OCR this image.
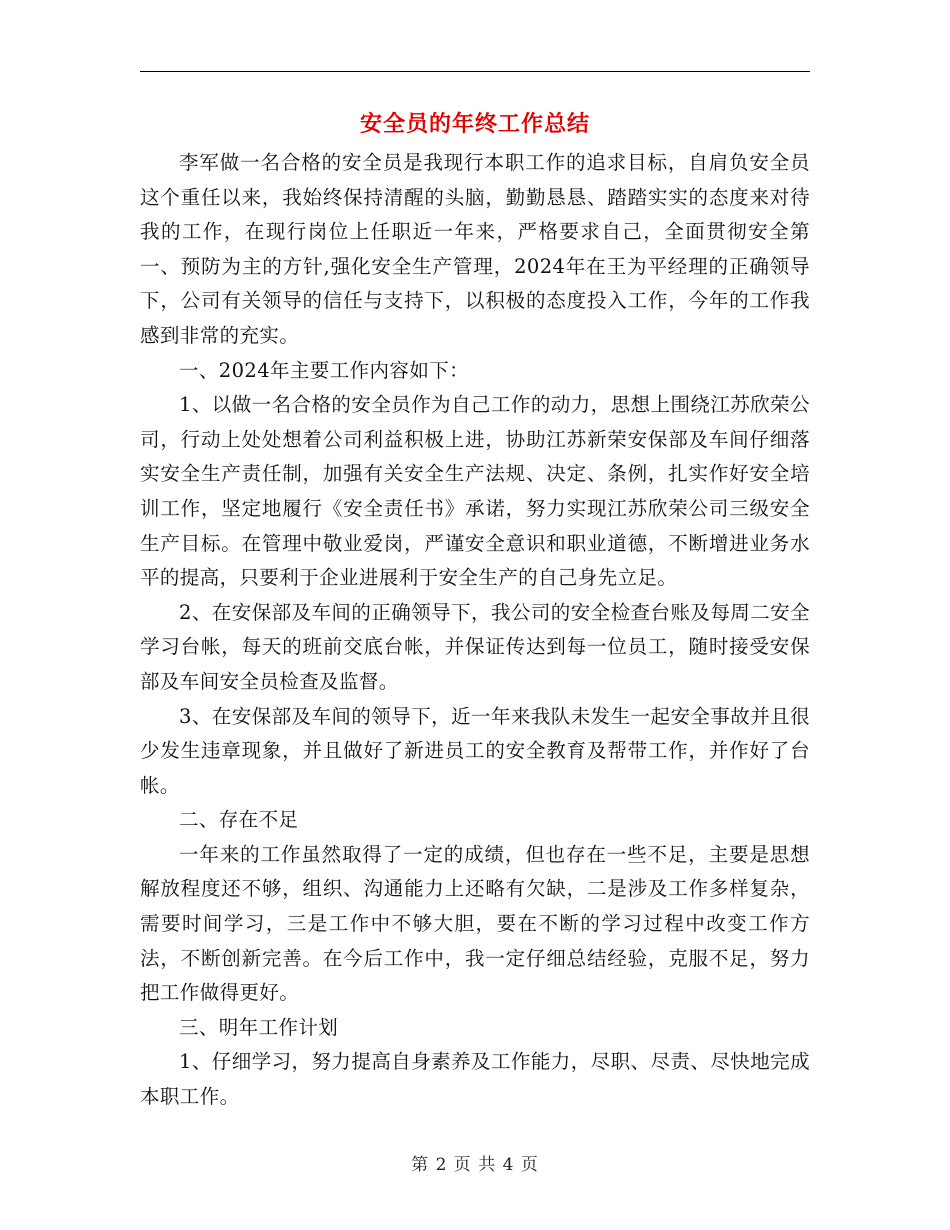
安全员的年终工作总结

李军做一名合格的安全员是我现行本职工作的追求目标，自肩负安全员这个重任以来，我始终保持清醒的头脑，勤勤恳恳、踏踏实实的态度来对待我的工作，在现行岗位上任职近一年来，严格要求自己，全面贯彻安全第一、预防为主的方针,强化安全生产管理，2024年在王为平经理的正确领导下，公司有关领导的信任与支持下，以积极的态度投入工作，今年的工作我感到非常的充实。

一、2024年主要工作内容如下：

1、以做一名合格的安全员作为自己工作的动力，思想上围绕江苏欣荣公司，行动上处处想着公司利益积极上进，协助江苏新荣安保部及车间仔细落实安全生产责任制，加强有关安全生产法规、决定、条例，扎实作好安全培训工作，坚定地履行《安全责任书》承诺，努力实现江苏欣荣公司三级安全生产目标。在管理中敬业爱岗，严谨安全意识和职业道德，不断增进业务水平的提高，只要利于企业进展利于安全生产的自己身先立足。

2、在安保部及车间的正确领导下，我公司的安全检查台账及每周二安全学习台帐，每天的班前交底台帐，并保证传达到每一位员工，随时接受安保部及车间安全员检查及监督。

3、在安保部及车间的领导下，近一年来我队未发生一起安全事故并且很少发生违章现象，并且做好了新进员工的安全教育及帮带工作，并作好了台帐。

二、存在不足

一年来的工作虽然取得了一定的成绩，但也存在一些不足，主要是思想解放程度还不够，组织、沟通能力上还略有欠缺，二是涉及工作多样复杂，需要时间学习，三是工作中不够大胆，要在不断的学习过程中改变工作方法，不断创新完善。在今后工作中，我一定仔细总结经验，克服不足，努力把工作做得更好。

三、明年工作计划

1、仔细学习，努力提高自身素养及工作能力，尽职、尽责、尽快地完成本职工作。

第 2 页 共 4 页
